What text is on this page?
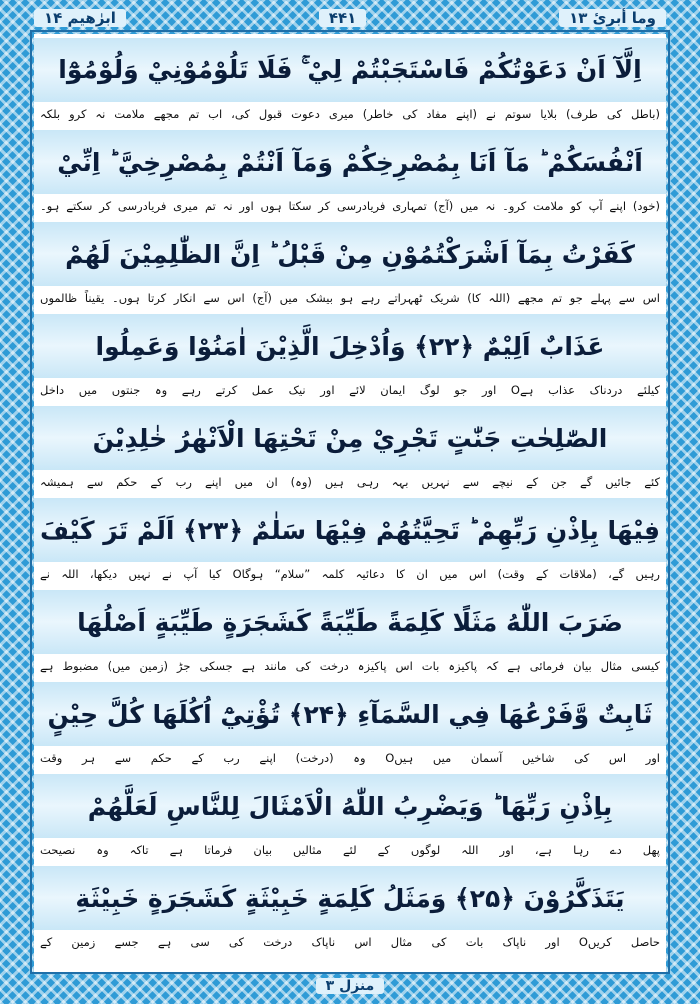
وما أبرىٔ ١٣
۴۴۱
ابرٰھیم ١۴
اِلَّآ اَنْ دَعَوْتُكُمْ فَاسْتَجَبْتُمْ لِيْ ۚ فَلَا تَلُوْمُوْنِيْ وَلُوْمُوْٓا
(باطل کی طرف) بلایا سوتم نے (اپنے مفاد کی خاطر) میری دعوت قبول کی، اب تم مجھے ملامت نہ کرو بلکہ
اَنْفُسَكُمْ ؕ مَآ اَنَا بِمُصْرِخِكُمْ وَمَآ اَنْتُمْ بِمُصْرِخِيَّ ؕ اِنِّيْ
(خود) اپنے آپ کو ملامت کرو۔ نہ میں (آج) تمہاری فریادرسی کر سکتا ہوں اور نہ تم میری فریادرسی کر سکتے ہو۔
كَفَرْتُ بِمَآ اَشْرَكْتُمُوْنِ مِنْ قَبْلُ ؕ اِنَّ الظّٰلِمِيْنَ لَهُمْ
اس سے پہلے جو تم مجھے (اللہ کا) شریک ٹھہراتے رہے ہو بیشک میں (آج) اس سے انکار کرتا ہوں۔ یقیناً ظالموں
عَذَابٌ اَلِيْمٌ ﴿٢٢﴾ وَاُدْخِلَ الَّذِيْنَ اٰمَنُوْا وَعَمِلُوا
کیلئے دردناک عذاب ہےO اور جو لوگ ایمان لائے اور نیک عمل کرتے رہے وہ جنتوں میں داخل
الصّٰلِحٰتِ جَنّٰتٍ تَجْرِيْ مِنْ تَحْتِهَا الْاَنْهٰرُ خٰلِدِيْنَ
کئے جائیں گے جن کے نیچے سے نہریں بہہ رہی ہیں (وہ) ان میں اپنے رب کے حکم سے ہمیشہ
فِيْهَا بِاِذْنِ رَبِّهِمْ ؕ تَحِيَّتُهُمْ فِيْهَا سَلٰمٌ ﴿٢٣﴾ اَلَمْ تَرَ كَيْفَ
رہیں گے، (ملاقات کے وقت) اس میں ان کا دعائیہ کلمہ ”سلام“ ہوگاO کیا آپ نے نہیں دیکھا، اللہ نے
ضَرَبَ اللّٰهُ مَثَلًا كَلِمَةً طَيِّبَةً كَشَجَرَةٍ طَيِّبَةٍ اَصْلُهَا
کیسی مثال بیان فرمائی ہے کہ پاکیزہ بات اس پاکیزہ درخت کی مانند ہے جسکی جڑ (زمین میں) مضبوط ہے
ثَابِتٌ وَّفَرْعُهَا فِي السَّمَآءِ ﴿٢۴﴾ تُؤْتِيْٓ اُكُلَهَا كُلَّ حِيْنٍ
اور اس کی شاخیں آسمان میں ہیںO وہ (درخت) اپنے رب کے حکم سے ہر وقت
بِاِذْنِ رَبِّهَا ؕ وَيَضْرِبُ اللّٰهُ الْاَمْثَالَ لِلنَّاسِ لَعَلَّهُمْ
پھل دے رہا ہے، اور اللہ لوگوں کے لئے مثالیں بیان فرماتا ہے تاکہ وہ نصیحت
يَتَذَكَّرُوْنَ ﴿٢۵﴾ وَمَثَلُ كَلِمَةٍ خَبِيْثَةٍ كَشَجَرَةٍ خَبِيْثَةِ
حاصل کریںO اور ناپاک بات کی مثال اس ناپاک درخت کی سی ہے جسے زمین کے
منزل ٣
